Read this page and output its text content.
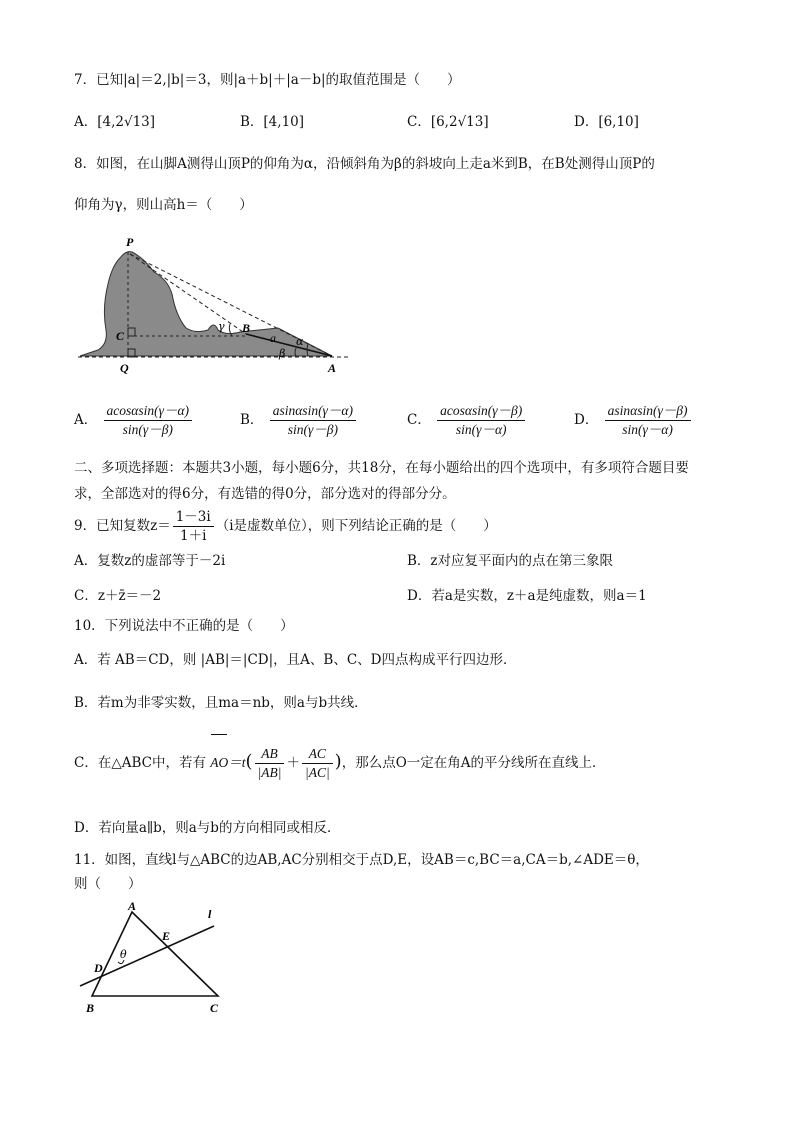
7．已知|a|＝2,|b|＝3，则|a＋b|＋|a－b|的取值范围是（　　）
A．[4,2√13]	B．[4,10]	C．[6,2√13]	D．[6,10]
8．如图，在山脚A测得山顶P的仰角为α，沿倾斜角为β的斜坡向上走a米到B，在B处测得山顶P的
仰角为γ，则山高h＝（　　）
P
C
Q	A
B
a α
β
γ
A． $\frac{acos\alpha\sin(\gamma-\alpha)}{\sin(\gamma-\beta)}$	B． $\frac{asin\alpha\sin(\gamma-\alpha)}{\sin(\gamma-\beta)}$	C． $\frac{acos\alpha\sin(\gamma-\beta)}{\sin(\gamma-\alpha)}$	D． $\frac{asin\alpha\sin(\gamma-\beta)}{\sin(\gamma-\alpha)}$
二、多项选择题：本题共3小题，每小题6分，共18分，在每小题给出的四个选项中，有多项符合题目要
求，全部选对的得6分，有选错的得0分，部分选对的得部分分。
9．已知复数$z= \frac{1-3i}{1+i} (i$是虚数单位），则下列结论正确的是（　　）
A．复数z的虚部等于－2i	B．z对应复平面内的点在第三象限
C．z＋z̄＝－2	D．若a是实数，z＋a是纯虚数，则a＝1
10．下列说法中不正确的是（　　）
A．若 AB＝CD，则 |AB|＝|CD|，且A、B、C、D四点构成平行四边形．
B．若m为非零实数，且ma＝nb，则a与b共线．
C．在△ABC中，若有 $AO=t( \frac{AB}{|AB|} + \frac{AC}{|AC|}$ )，那么点O一定在角A的平分线所在直线上．
D．若向量a∥b，则a与b的方向相同或相反．
11．如图，直线l与△ABC的边AB,AC分别相交于点D,E，设AB＝c,BC＝a,CA＝b,∠ADE＝θ，
则（　　）
A
B	C
D
E
l
θ
